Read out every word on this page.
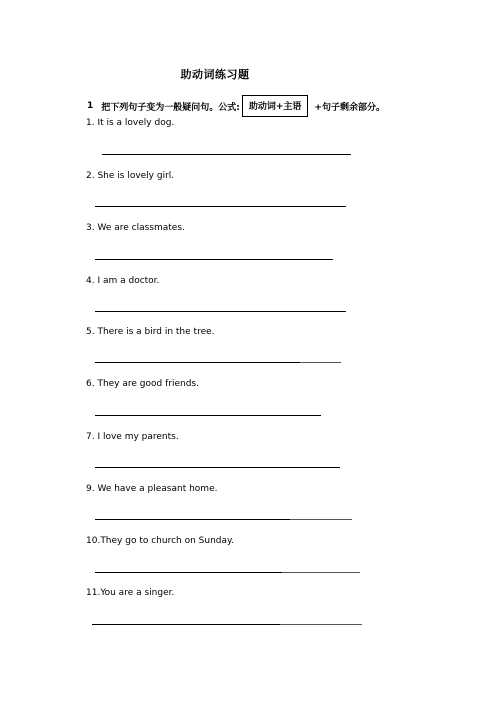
助动词练习题
1 把下列句子变为一般疑问句。公式:	助动词+主语	+句子剩余部分。
1. It is a lovely dog.
2. She is lovely girl.
3. We are classmates.
4. I am a doctor.
5. There is a bird in the tree.
6. They are good friends.
7. I love my parents.
9. We have a pleasant home.
10.They go to church on Sunday.
11.You are a singer.
